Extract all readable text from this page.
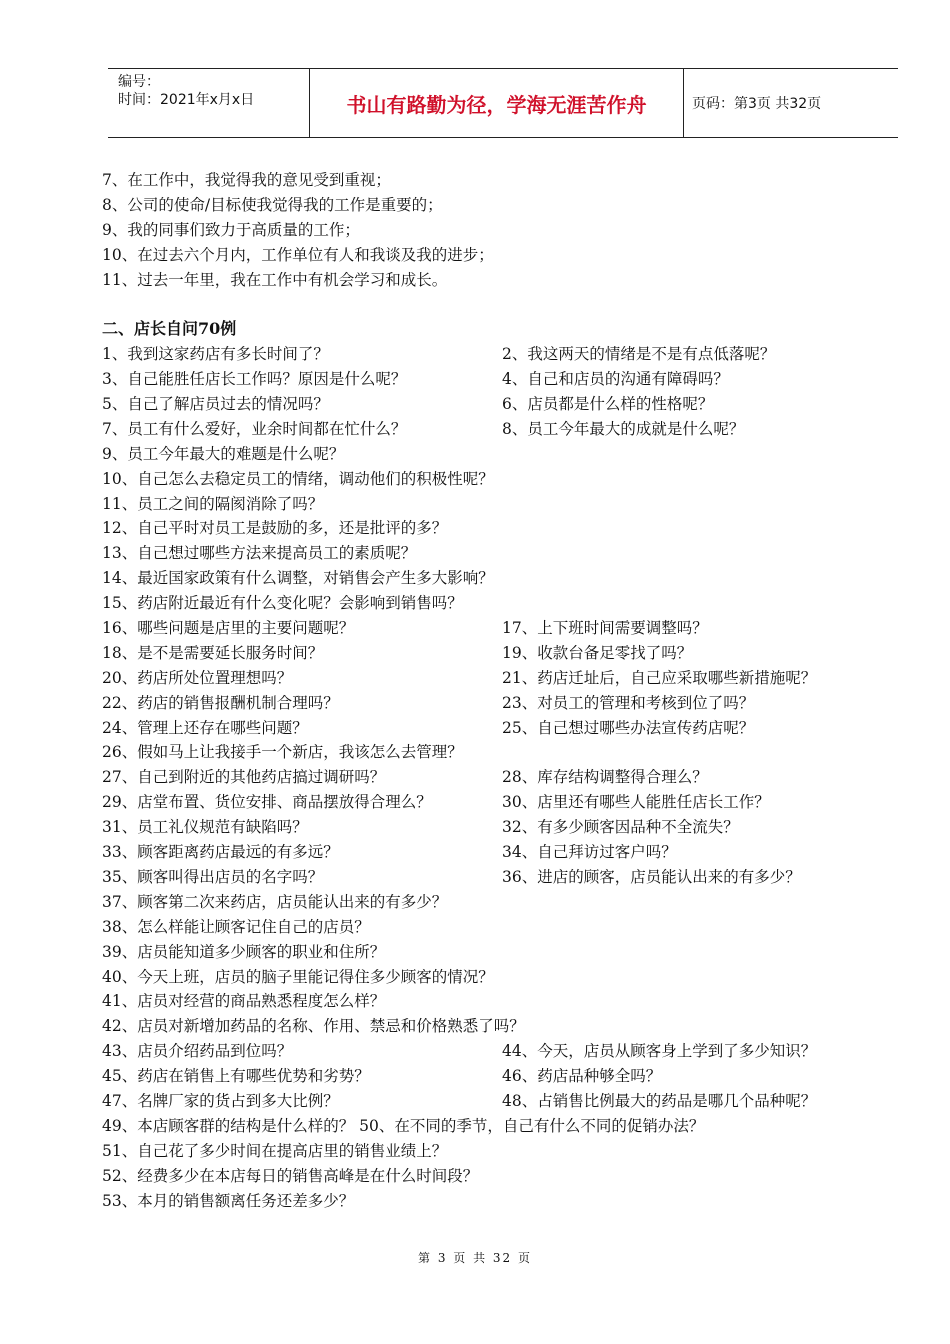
编号：
时间：2021年x月x日	书山有路勤为径，学海无涯苦作舟	页码：第3页 共32页
7、在工作中，我觉得我的意见受到重视；
8、公司的使命/目标使我觉得我的工作是重要的；
9、我的同事们致力于高质量的工作；
10、在过去六个月内，工作单位有人和我谈及我的进步；
11、过去一年里，我在工作中有机会学习和成长。
二、店长自问70例
1、我到这家药店有多长时间了？	2、我这两天的情绪是不是有点低落呢？
3、自己能胜任店长工作吗？原因是什么呢？	4、自己和店员的沟通有障碍吗？
5、自己了解店员过去的情况吗？	6、店员都是什么样的性格呢？
7、员工有什么爱好，业余时间都在忙什么？	8、员工今年最大的成就是什么呢？
9、员工今年最大的难题是什么呢？
10、自己怎么去稳定员工的情绪，调动他们的积极性呢？
11、员工之间的隔阂消除了吗？
12、自己平时对员工是鼓励的多，还是批评的多？
13、自己想过哪些方法来提高员工的素质呢？
14、最近国家政策有什么调整，对销售会产生多大影响？
15、药店附近最近有什么变化呢？会影响到销售吗？
16、哪些问题是店里的主要问题呢？	17、上下班时间需要调整吗？
18、是不是需要延长服务时间？	19、收款台备足零找了吗？
20、药店所处位置理想吗？	21、药店迁址后，自己应采取哪些新措施呢？
22、药店的销售报酬机制合理吗？	23、对员工的管理和考核到位了吗？
24、管理上还存在哪些问题？	25、自己想过哪些办法宣传药店呢？
26、假如马上让我接手一个新店，我该怎么去管理？
27、自己到附近的其他药店搞过调研吗？	28、库存结构调整得合理么？
29、店堂布置、货位安排、商品摆放得合理么？	30、店里还有哪些人能胜任店长工作？
31、员工礼仪规范有缺陷吗？	32、有多少顾客因品种不全流失？
33、顾客距离药店最远的有多远？	34、自己拜访过客户吗？
35、顾客叫得出店员的名字吗？	36、进店的顾客，店员能认出来的有多少？
37、顾客第二次来药店，店员能认出来的有多少？
38、怎么样能让顾客记住自己的店员？
39、店员能知道多少顾客的职业和住所？
40、今天上班，店员的脑子里能记得住多少顾客的情况？
41、店员对经营的商品熟悉程度怎么样？
42、店员对新增加药品的名称、作用、禁忌和价格熟悉了吗？
43、店员介绍药品到位吗？	44、今天，店员从顾客身上学到了多少知识？
45、药店在销售上有哪些优势和劣势？	46、药店品种够全吗？
47、名牌厂家的货占到多大比例？	48、占销售比例最大的药品是哪几个品种呢？
49、本店顾客群的结构是什么样的？ 50、在不同的季节，自己有什么不同的促销办法？
51、自己花了多少时间在提高店里的销售业绩上？
52、经费多少在本店每日的销售高峰是在什么时间段？
53、本月的销售额离任务还差多少？
第 3 页 共 32 页
